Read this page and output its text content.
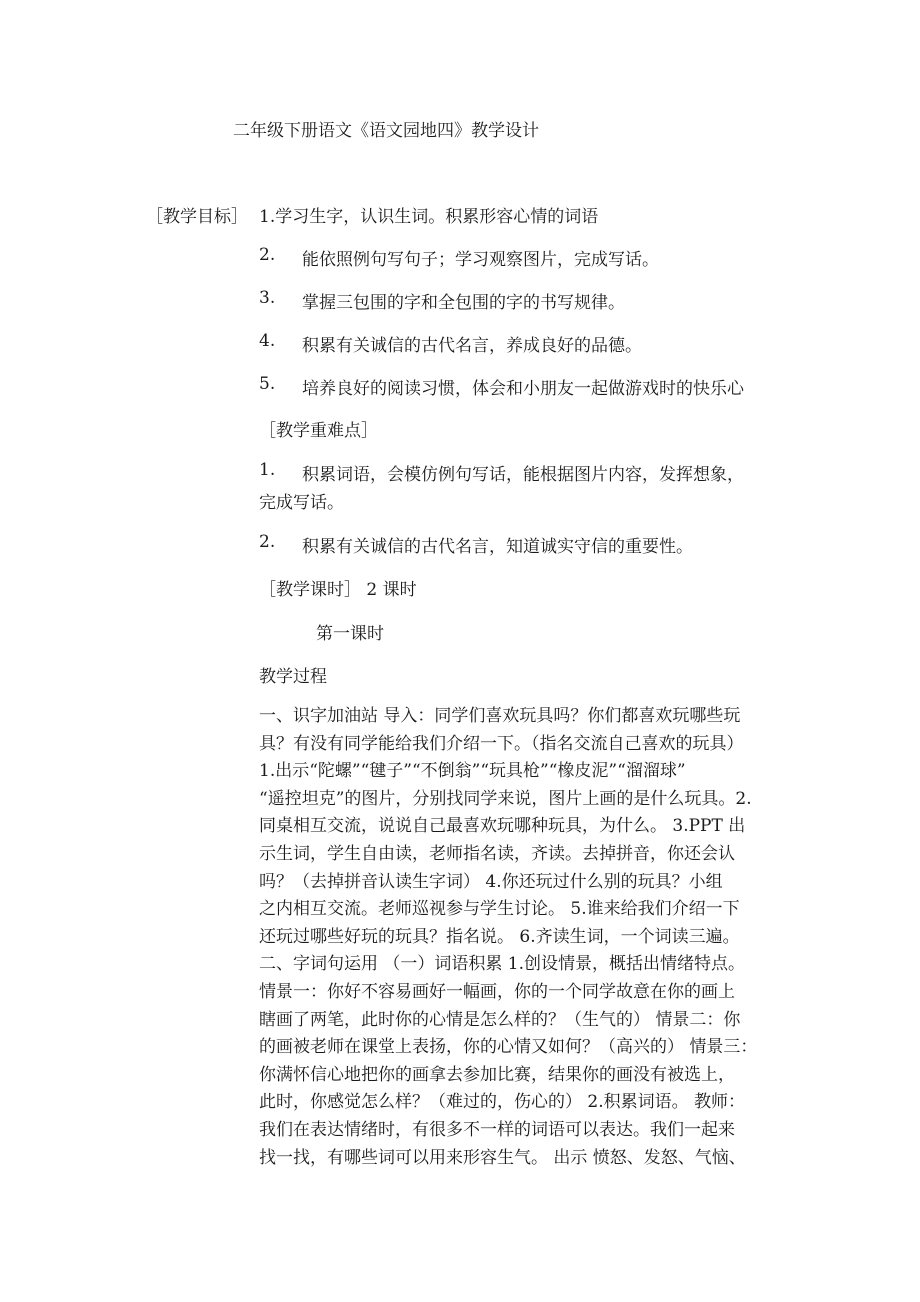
二年级下册语文《语文园地四》教学设计
［教学目标］ 1.学习生字，认识生词。积累形容心情的词语
2. 能依照例句写句子；学习观察图片，完成写话。
3. 掌握三包围的字和全包围的字的书写规律。
4. 积累有关诚信的古代名言，养成良好的品德。
5. 培养良好的阅读习惯，体会和小朋友一起做游戏时的快乐心
［教学重难点］
1. 积累词语，会模仿例句写话，能根据图片内容，发挥想象，
完成写话。
2. 积累有关诚信的古代名言，知道诚实守信的重要性。
［教学课时］ 2 课时
第一课时
教学过程
一、识字加油站 导入：同学们喜欢玩具吗？你们都喜欢玩哪些玩
具？有没有同学能给我们介绍一下。（指名交流自己喜欢的玩具）
1.出示“陀螺”“毽子”“不倒翁”“玩具枪”“橡皮泥”“溜溜球”
“遥控坦克”的图片，分别找同学来说，图片上画的是什么玩具。2.
同桌相互交流，说说自己最喜欢玩哪种玩具，为什么。 3.PPT 出
示生词，学生自由读，老师指名读，齐读。去掉拼音，你还会认
吗？（去掉拼音认读生字词） 4.你还玩过什么别的玩具？小组
之内相互交流。老师巡视参与学生讨论。 5.谁来给我们介绍一下
还玩过哪些好玩的玩具？指名说。 6.齐读生词，一个词读三遍。
二、字词句运用 （一）词语积累 1.创设情景，概括出情绪特点。
情景一：你好不容易画好一幅画，你的一个同学故意在你的画上
瞎画了两笔，此时你的心情是怎么样的？（生气的） 情景二：你
的画被老师在课堂上表扬，你的心情又如何？（高兴的） 情景三：
你满怀信心地把你的画拿去参加比赛，结果你的画没有被选上，
此时，你感觉怎么样？（难过的，伤心的） 2.积累词语。 教师：
我们在表达情绪时，有很多不一样的词语可以表达。我们一起来
找一找，有哪些词可以用来形容生气。 出示 愤怒、发怒、气恼、
